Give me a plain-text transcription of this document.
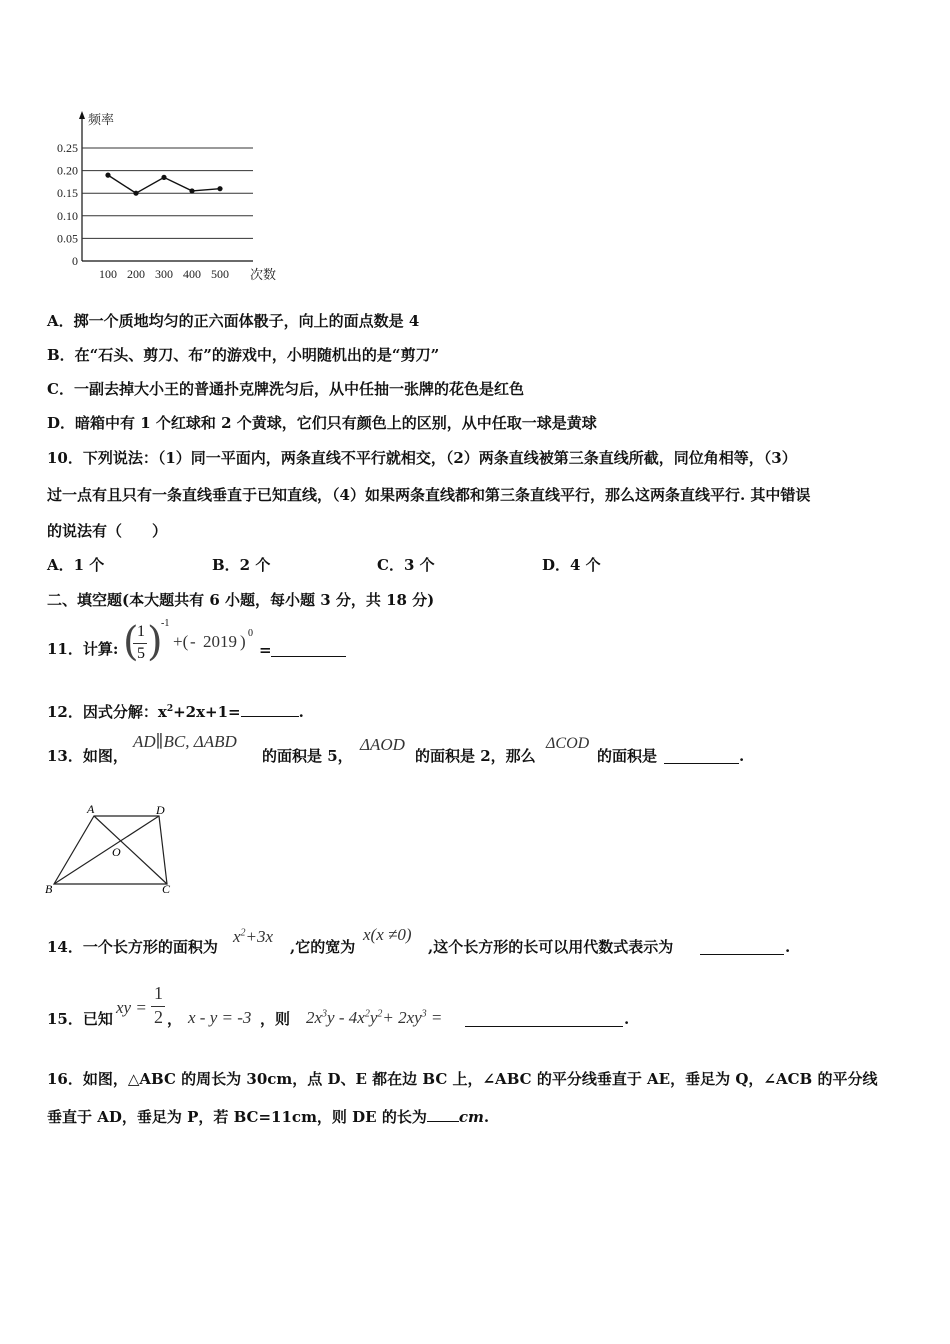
0.25
0.20
0.15
0.10
0.05
0
100 200 300 400 500
频率
次数
A．掷一个质地均匀的正六面体骰子，向上的面点数是 4
B．在“石头、剪刀、布”的游戏中，小明随机出的是“剪刀”
C．一副去掉大小王的普通扑克牌洗匀后，从中任抽一张牌的花色是红色
D．暗箱中有 1 个红球和 2 个黄球，它们只有颜色上的区别，从中任取一球是黄球
10．下列说法：（1）同一平面内，两条直线不平行就相交，（2）两条直线被第三条直线所截，同位角相等，（3）
过一点有且只有一条直线垂直于已知直线，（4）如果两条直线都和第三条直线平行，那么这两条直线平行. 其中错误
的说法有（　　）
A．1 个	B．2 个	C．3 个	D．4 个
二、填空题(本大题共有 6 小题，每小题 3 分，共 18 分)
11．计算: (
1
5 )
-1
+( - 2019 ) 0
=
12．因式分解：$x^2+2x+1=$	.
13．如图，
AD∥BC, ΔABD
的面积是 5，
ΔAOD
的面积是 2，那么
ΔCOD
的面积是	.
A	D
O
B	C
14．一个长方形的面积为
$x^2+3x$
,它的宽为
x(x ≠0)
,这个长方形的长可以用代数式表示为	.
15．已知
xy =
1
2 ， x - y = -3 ，则 $2x^3y - 4x^2y^2+ 2xy^3$ =	.
16．如图，△ABC 的周长为 30cm，点 D、E 都在边 BC 上，∠ABC 的平分线垂直于 AE，垂足为 Q，∠ACB 的平分线
垂直于 AD，垂足为 P，若 BC=11cm，则 DE 的长为 cm.
